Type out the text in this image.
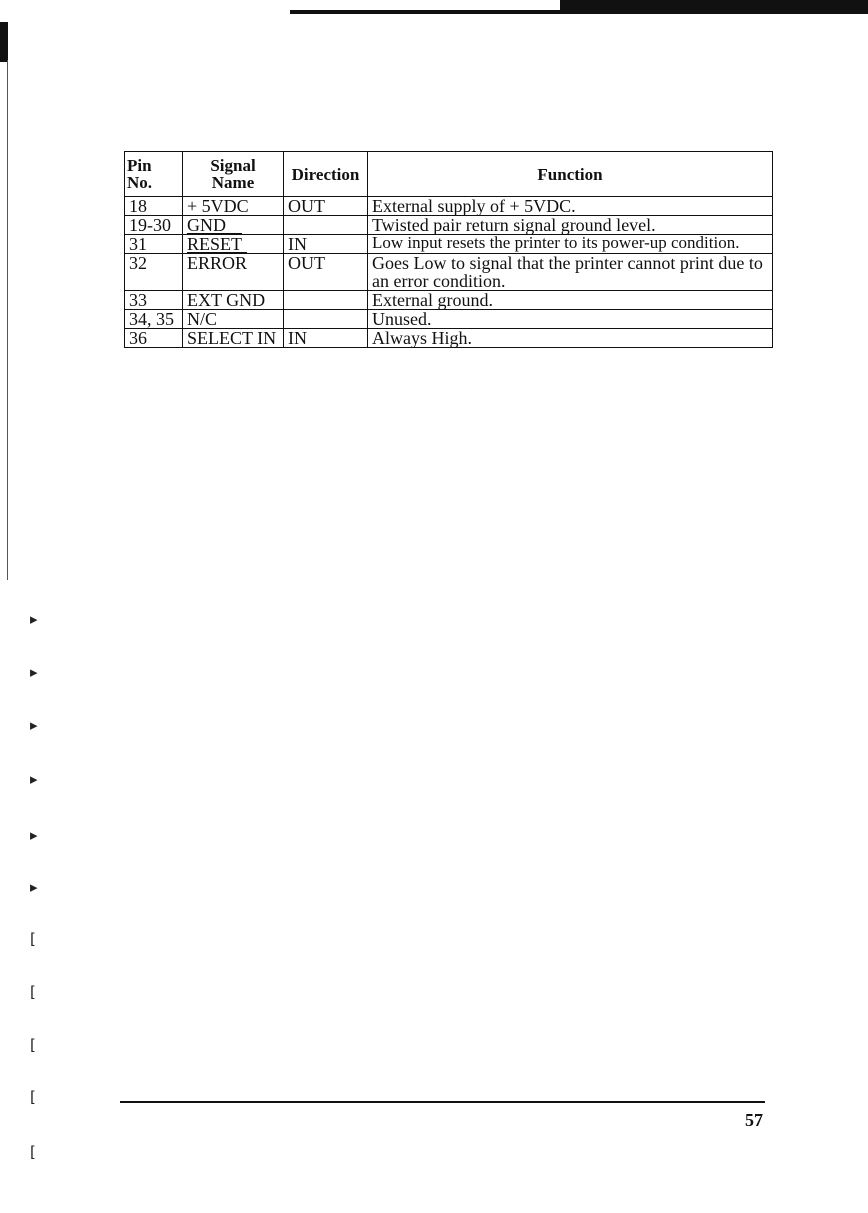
▸
▸
▸
▸
▸
▸
[
[
[
[
[
Pin No.	Signal Name	Direction	Function
18	+ 5VDC	OUT	External supply of + 5VDC.
19-30	GND		Twisted pair return signal ground level.
31	RESET	IN	Low input resets the printer to its power-up condition.
32	ERROR	OUT	Goes Low to signal that the printer cannot print due to an error condition.
33	EXT GND		External ground.
34, 35	N/C		Unused.
36	SELECT IN	IN	Always High.
57
